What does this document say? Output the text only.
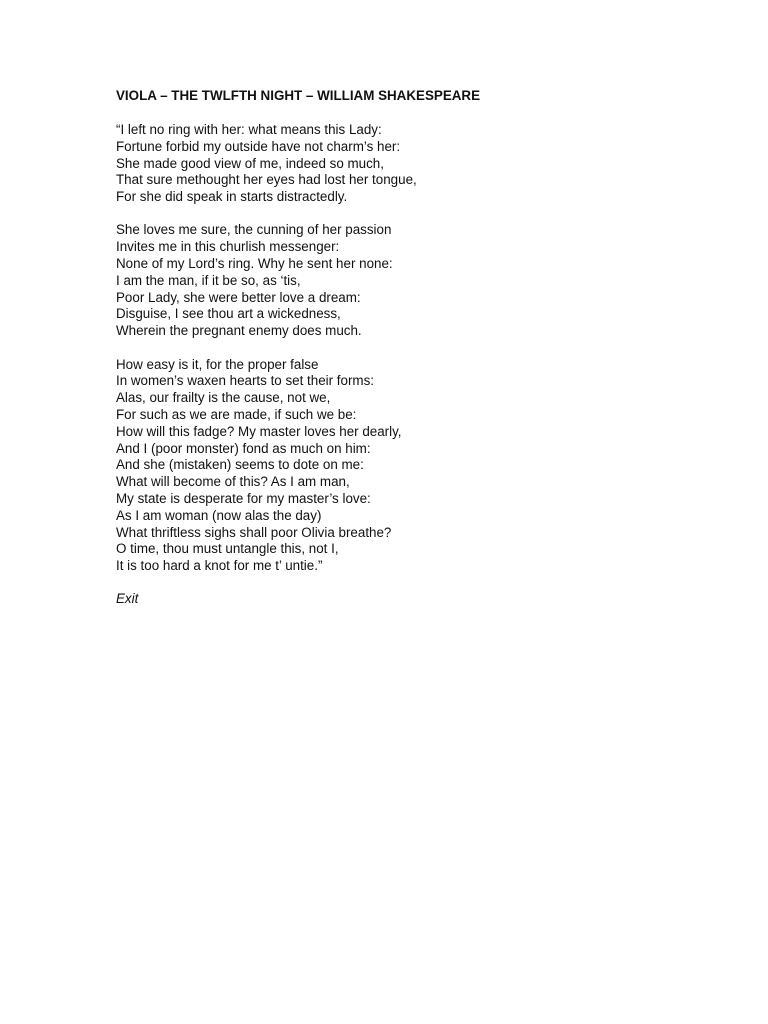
VIOLA – THE TWLFTH NIGHT – WILLIAM SHAKESPEARE
“I left no ring with her: what means this Lady:
Fortune forbid my outside have not charm’s her:
She made good view of me, indeed so much,
That sure methought her eyes had lost her tongue,
For she did speak in starts distractedly.
She loves me sure, the cunning of her passion
Invites me in this churlish messenger:
None of my Lord’s ring. Why he sent her none:
I am the man, if it be so, as ‘tis,
Poor Lady, she were better love a dream:
Disguise, I see thou art a wickedness,
Wherein the pregnant enemy does much.
How easy is it, for the proper false
In women’s waxen hearts to set their forms:
Alas, our frailty is the cause, not we,
For such as we are made, if such we be:
How will this fadge? My master loves her dearly,
And I (poor monster) fond as much on him:
And she (mistaken) seems to dote on me:
What will become of this? As I am man,
My state is desperate for my master’s love:
As I am woman (now alas the day)
What thriftless sighs shall poor Olivia breathe?
O time, thou must untangle this, not I,
It is too hard a knot for me t’ untie.”
Exit
